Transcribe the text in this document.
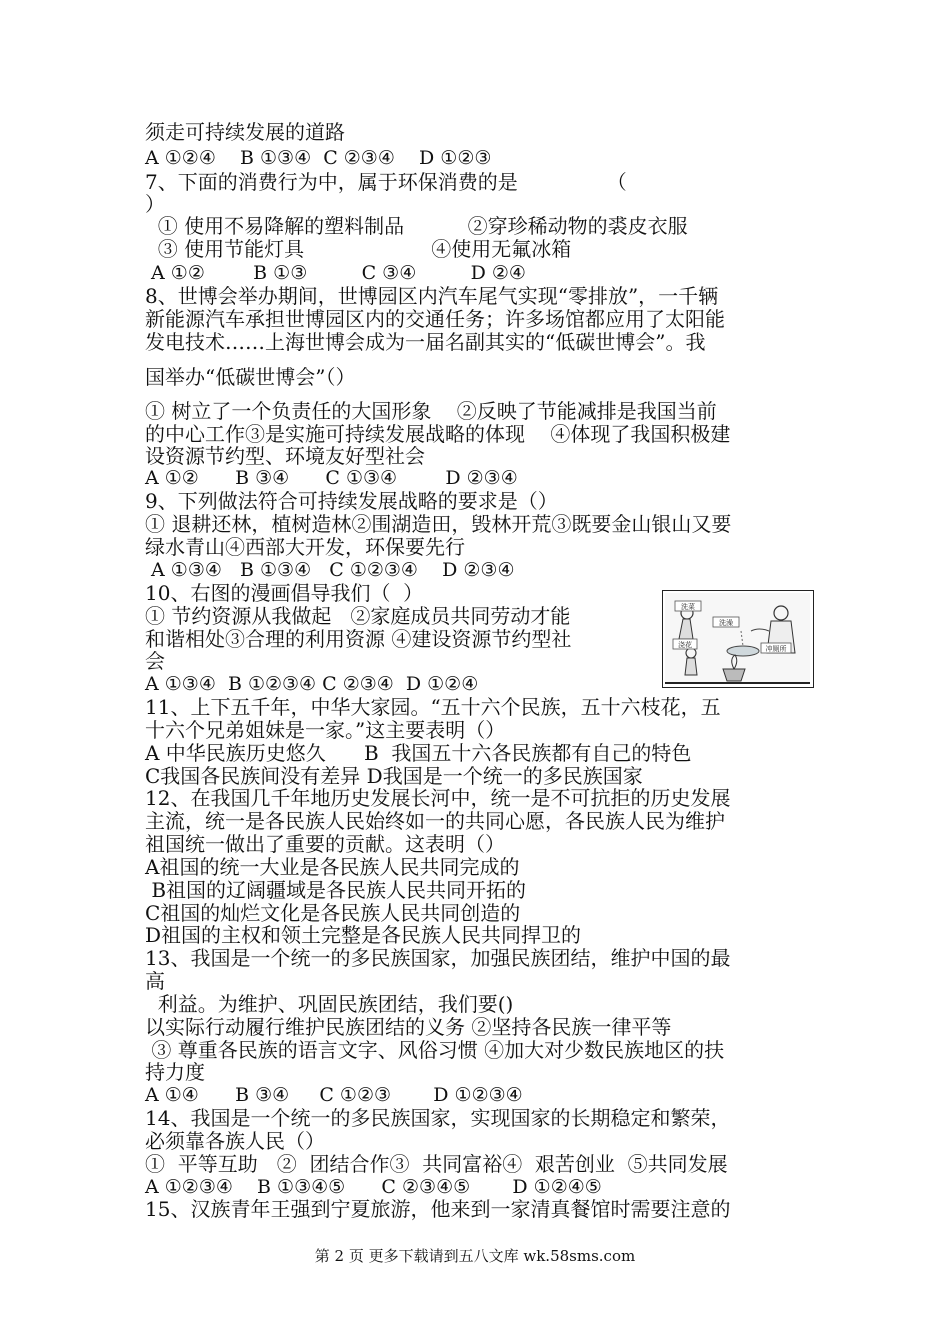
须走可持续发展的道路
A ①②④    B ①③④  C ②③④    D ①②③
7、下面的消费行为中，属于环保消费的是              （
）
① 使用不易降解的塑料制品          ②穿珍稀动物的裘皮衣服
③ 使用节能灯具                    ④使用无氟冰箱
A ①②        B ①③         C ③④         D ②④
8、世博会举办期间，世博园区内汽车尾气实现“零排放”，一千辆
新能源汽车承担世博园区内的交通任务；许多场馆都应用了太阳能
发电技术……上海世博会成为一届名副其实的“低碳世博会”。我
国举办“低碳世博会”（）
① 树立了一个负责任的大国形象    ②反映了节能减排是我国当前
的中心工作③是实施可持续发展战略的体现    ④体现了我国积极建
设资源节约型、环境友好型社会
A ①②      B ③④      C ①③④        D ②③④
9、下列做法符合可持续发展战略的要求是（）
① 退耕还林，植树造林②围湖造田，毁林开荒③既要金山银山又要
绿水青山④西部大开发，环保要先行
A ①③④   B ①③④   C ①②③④    D ②③④
10、右图的漫画倡导我们（  ）
① 节约资源从我做起   ②家庭成员共同劳动才能
和谐相处③合理的利用资源 ④建设资源节约型社
会
A ①③④  B ①②③④ C ②③④  D ①②④
11、上下五千年，中华大家园。“五十六个民族，五十六枝花，五
十六个兄弟姐妹是一家。”这主要表明（）
A 中华民族历史悠久      B  我国五十六各民族都有自己的特色
C我国各民族间没有差异 D我国是一个统一的多民族国家
12、在我国几千年地历史发展长河中，统一是不可抗拒的历史发展
主流，统一是各民族人民始终如一的共同心愿，各民族人民为维护
祖国统一做出了重要的贡献。这表明（）
A祖国的统一大业是各民族人民共同完成的
B祖国的辽阔疆域是各民族人民共同开拓的
C祖国的灿烂文化是各民族人民共同创造的
D祖国的主权和领土完整是各民族人民共同捍卫的
13、我国是一个统一的多民族国家，加强民族团结，维护中国的最
高
利益。为维护、巩固民族团结，我们要()
以实际行动履行维护民族团结的义务 ②坚持各民族一律平等
③ 尊重各民族的语言文字、风俗习惯 ④加大对少数民族地区的扶
持力度
A ①④      B ③④     C ①②③       D ①②③④
14、我国是一个统一的多民族国家，实现国家的长期稳定和繁荣，
必须靠各族人民（）
①  平等互助   ②  团结合作③  共同富裕④  艰苦创业  ⑤共同发展
A ①②③④    B ①③④⑤      C ②③④⑤       D ①②④⑤
15、汉族青年王强到宁夏旅游，他来到一家清真餐馆时需要注意的
洗菜
洗澡
冲厕所
浇花
第 2 页 更多下载请到五八文库 wk.58sms.com
